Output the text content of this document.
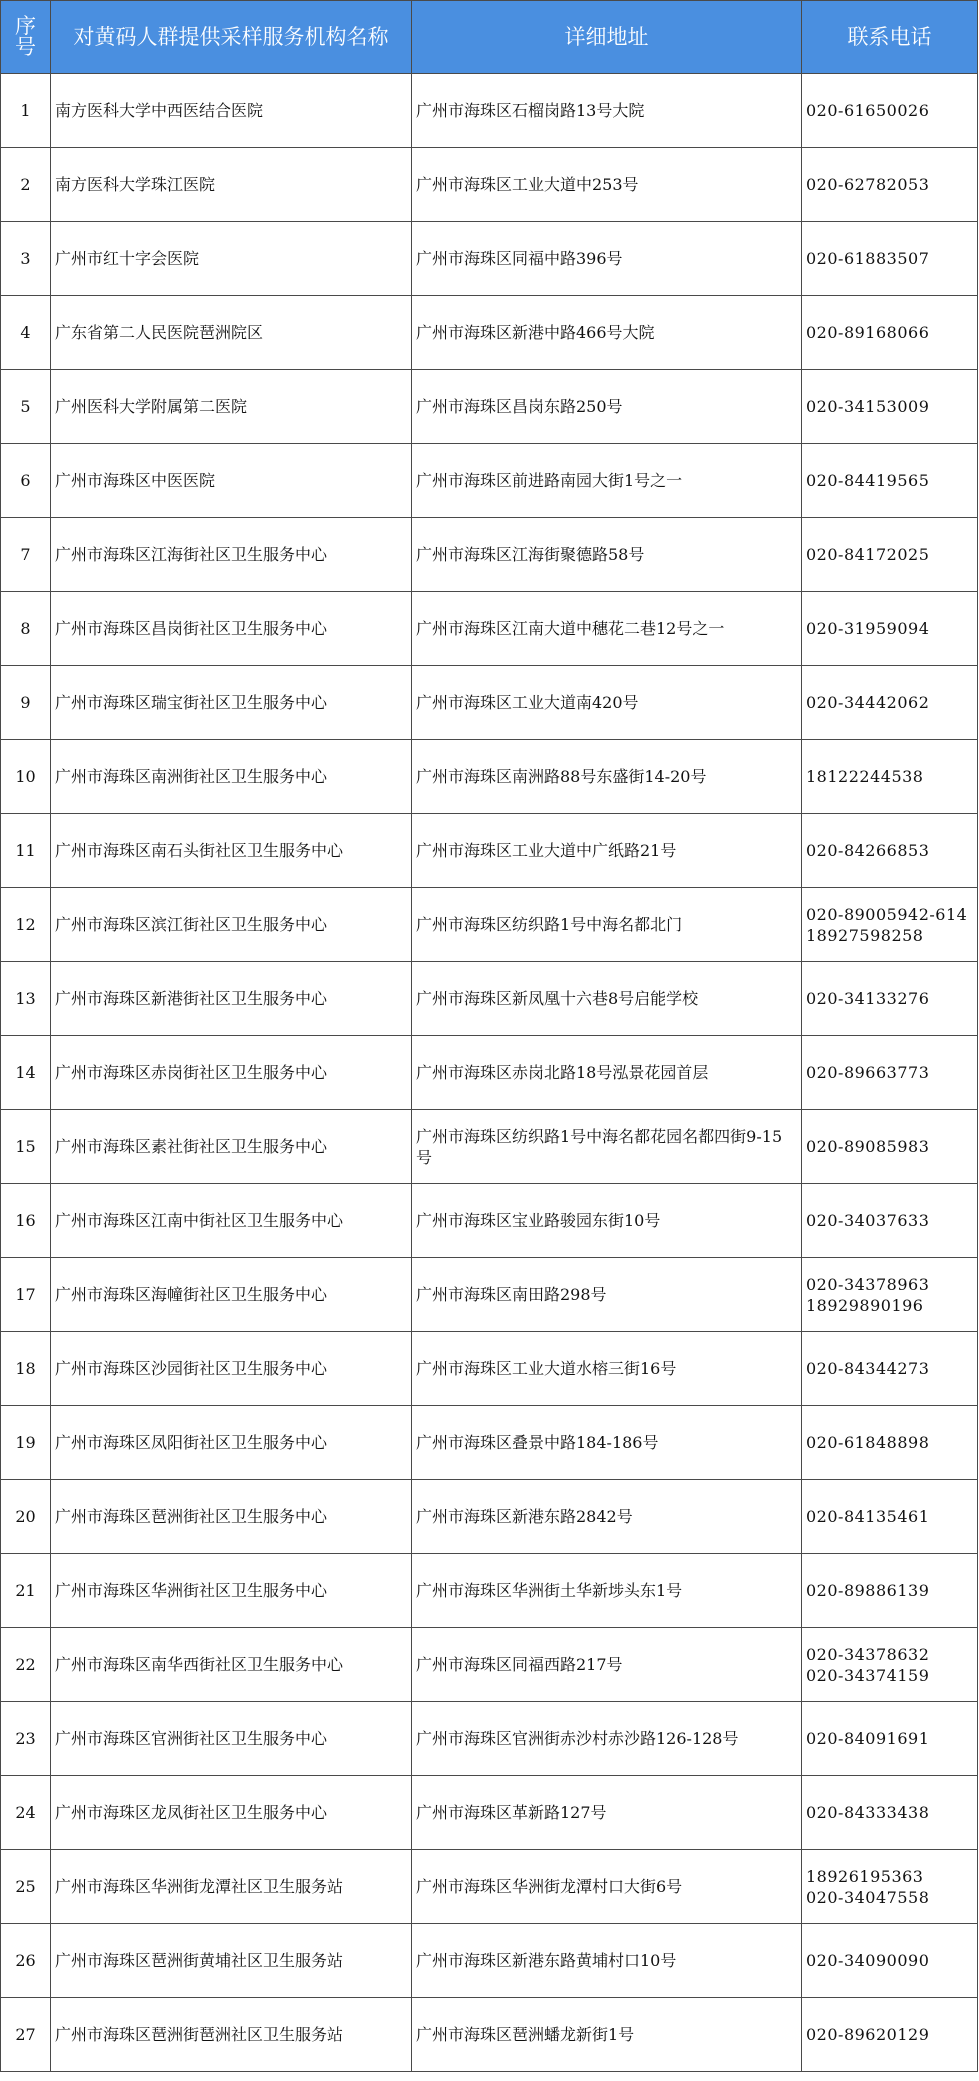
序号	对黄码人群提供采样服务机构名称	详细地址	联系电话
1	南方医科大学中西医结合医院	广州市海珠区石榴岗路13号大院	020-61650026

2	南方医科大学珠江医院	广州市海珠区工业大道中253号	020-62782053

3	广州市红十字会医院	广州市海珠区同福中路396号	020-61883507

4	广东省第二人民医院琶洲院区	广州市海珠区新港中路466号大院	020-89168066

5	广州医科大学附属第二医院	广州市海珠区昌岗东路250号	020-34153009

6	广州市海珠区中医医院	广州市海珠区前进路南园大街1号之一	020-84419565

7	广州市海珠区江海街社区卫生服务中心	广州市海珠区江海街聚德路58号	020-84172025

8	广州市海珠区昌岗街社区卫生服务中心	广州市海珠区江南大道中穗花二巷12号之一	020-31959094

9	广州市海珠区瑞宝街社区卫生服务中心	广州市海珠区工业大道南420号	020-34442062

10	广州市海珠区南洲街社区卫生服务中心	广州市海珠区南洲路88号东盛街14-20号	18122244538

11	广州市海珠区南石头街社区卫生服务中心	广州市海珠区工业大道中广纸路21号	020-84266853

12	广州市海珠区滨江街社区卫生服务中心	广州市海珠区纺织路1号中海名都北门	020-89005942-614
18927598258

13	广州市海珠区新港街社区卫生服务中心	广州市海珠区新凤凰十六巷8号启能学校	020-34133276

14	广州市海珠区赤岗街社区卫生服务中心	广州市海珠区赤岗北路18号泓景花园首层	020-89663773

15	广州市海珠区素社街社区卫生服务中心	广州市海珠区纺织路1号中海名都花园名都四街9-15号	020-89085983

16	广州市海珠区江南中街社区卫生服务中心	广州市海珠区宝业路骏园东街10号	020-34037633

17	广州市海珠区海幢街社区卫生服务中心	广州市海珠区南田路298号	020-34378963
18929890196

18	广州市海珠区沙园街社区卫生服务中心	广州市海珠区工业大道水榕三街16号	020-84344273

19	广州市海珠区凤阳街社区卫生服务中心	广州市海珠区叠景中路184-186号	020-61848898

20	广州市海珠区琶洲街社区卫生服务中心	广州市海珠区新港东路2842号	020-84135461

21	广州市海珠区华洲街社区卫生服务中心	广州市海珠区华洲街土华新埗头东1号	020-89886139

22	广州市海珠区南华西街社区卫生服务中心	广州市海珠区同福西路217号	020-34378632
020-34374159

23	广州市海珠区官洲街社区卫生服务中心	广州市海珠区官洲街赤沙村赤沙路126-128号	020-84091691

24	广州市海珠区龙凤街社区卫生服务中心	广州市海珠区革新路127号	020-84333438

25	广州市海珠区华洲街龙潭社区卫生服务站	广州市海珠区华洲街龙潭村口大街6号	18926195363
020-34047558

26	广州市海珠区琶洲街黄埔社区卫生服务站	广州市海珠区新港东路黄埔村口10号	020-34090090

27	广州市海珠区琶洲街琶洲社区卫生服务站	广州市海珠区琶洲蟠龙新街1号	020-89620129
